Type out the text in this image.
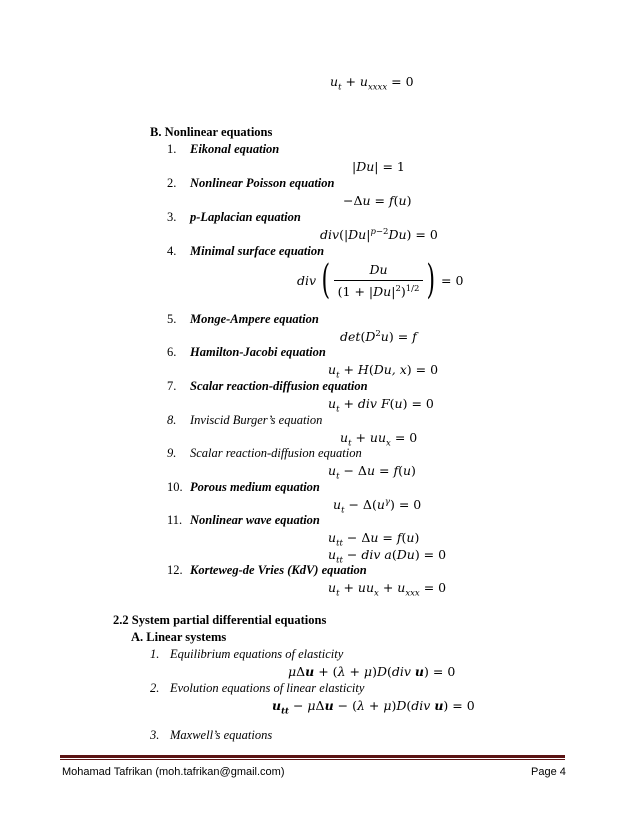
$u_t + u_{xxxx} = 0$
B. Nonlinear equations
1. Eikonal equation
|Du| = 1
2. Nonlinear Poisson equation
−Δu = f(u)
3. p-Laplacian equation
$div(|Du|^{p-2}Du) = 0$
4. Minimal surface equation
div ( $\frac{Du}{(1 + |Du|^2)^{1/2}}$ ) = 0
5. Monge-Ampere equation
$\det(D^2u) = f$
6. Hamilton-Jacobi equation
$u_t + H(Du$, x) = 0
7. Scalar reaction-diffusion equation
$u_t$ + div F(u) = 0
8. Inviscid Burger’s equation
$u_t + uu_x = 0$
9. Scalar reaction-diffusion equation
$u_t - \Delta u = f(u)$
10. Porous medium equation
$u_t - \Delta(u^\gamma) = 0$
11. Nonlinear wave equation
$u_{tt} - \Delta u = f(u)$
$u_{tt}$ − div a(Du) = 0
12. Korteweg-de Vries (KdV) equation
$u_t + uu_x + u_{xxx} = 0$
2.2 System partial differential equations
A. Linear systems
1. Equilibrium equations of elasticity
μΔu + (λ + μ)D(div u) = 0
2. Evolution equations of linear elasticity
$u_{tt} - \mu\Delta u - (\lambda + \mu)D(div$ u) = 0
3. Maxwell’s equations
Mohamad Tafrikan (moh.tafrikan@gmail.com)	Page 4
